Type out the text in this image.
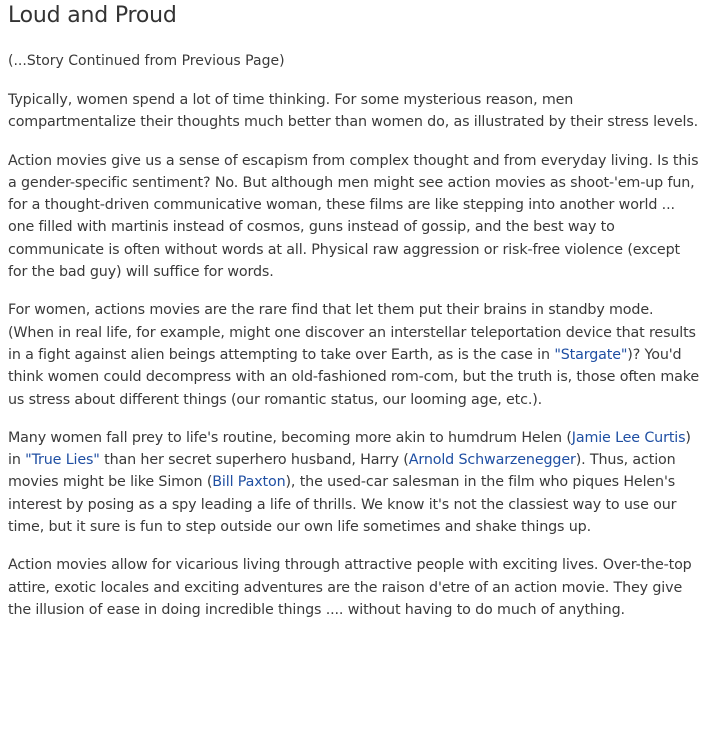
Loud and Proud

(...Story Continued from Previous Page)

Typically, women spend a lot of time thinking. For some mysterious reason, men compartmentalize their thoughts much better than women do, as illustrated by their stress levels.

Action movies give us a sense of escapism from complex thought and from everyday living. Is this a gender-specific sentiment? No. But although men might see action movies as shoot-'em-up fun, for a thought-driven communicative woman, these films are like stepping into another world ... one filled with martinis instead of cosmos, guns instead of gossip, and the best way to communicate is often without words at all. Physical raw aggression or risk-free violence (except for the bad guy) will suffice for words.

For women, actions movies are the rare find that let them put their brains in standby mode. (When in real life, for example, might one discover an interstellar teleportation device that results in a fight against alien beings attempting to take over Earth, as is the case in "Stargate")? You'd think women could decompress with an old-fashioned rom-com, but the truth is, those often make us stress about different things (our romantic status, our looming age, etc.).

Many women fall prey to life's routine, becoming more akin to humdrum Helen (Jamie Lee Curtis) in "True Lies" than her secret superhero husband, Harry (Arnold Schwarzenegger). Thus, action movies might be like Simon (Bill Paxton), the used-car salesman in the film who piques Helen's interest by posing as a spy leading a life of thrills. We know it's not the classiest way to use our time, but it sure is fun to step outside our own life sometimes and shake things up.

Action movies allow for vicarious living through attractive people with exciting lives. Over-the-top attire, exotic locales and exciting adventures are the raison d'etre of an action movie. They give the illusion of ease in doing incredible things .... without having to do much of anything.
